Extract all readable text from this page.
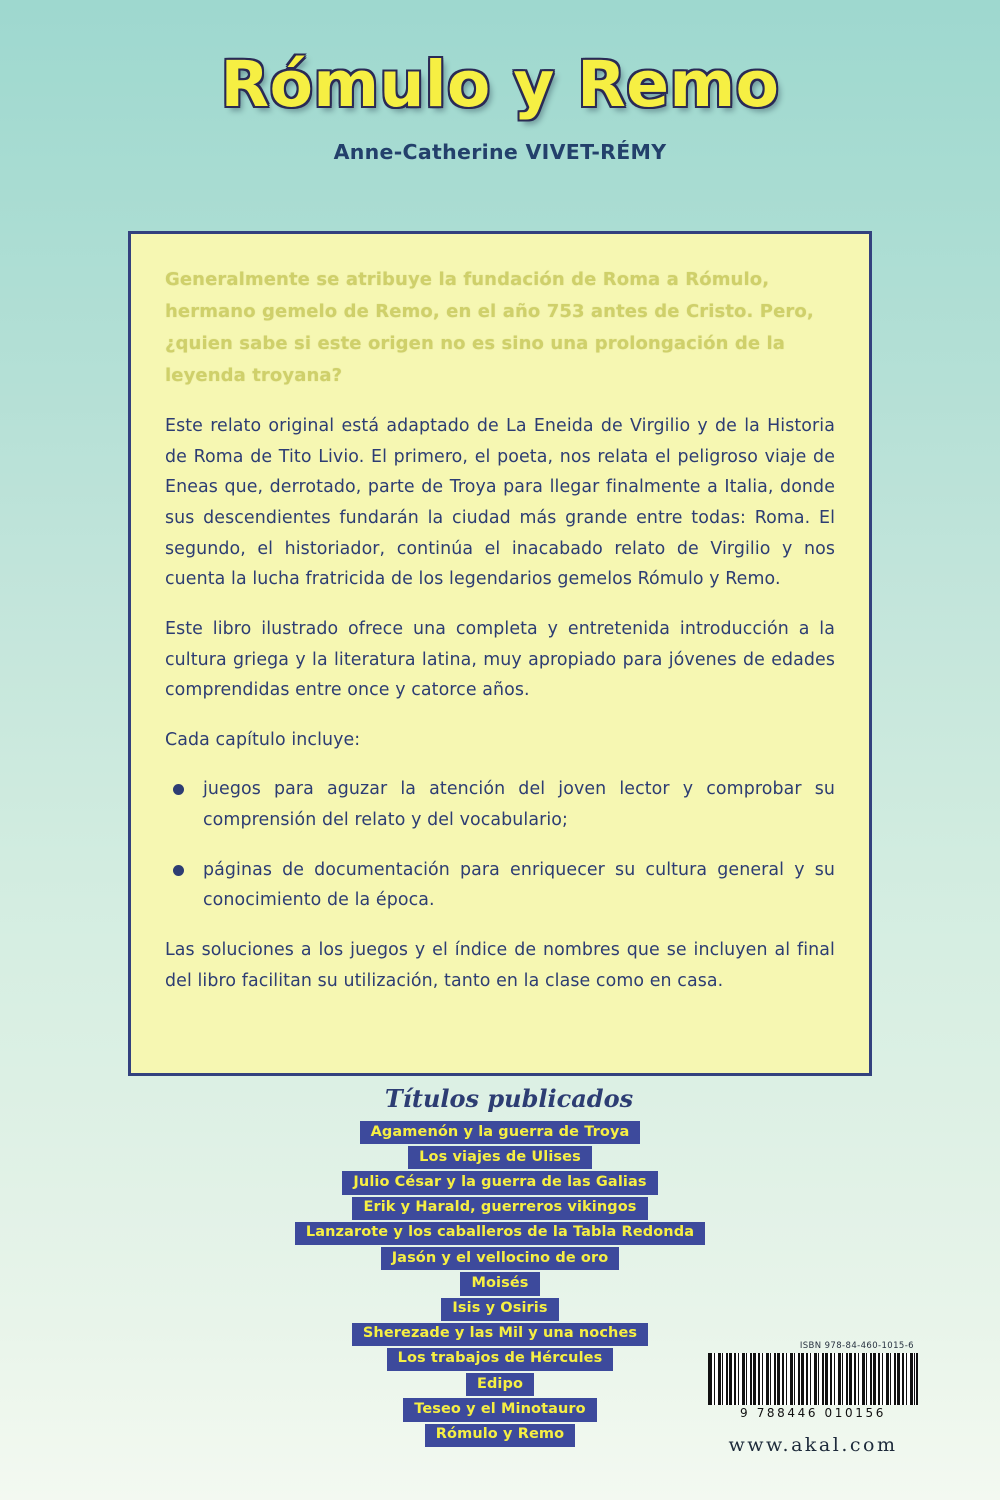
Rómulo y Remo
Anne-Catherine VIVET-RÉMY

Generalmente se atribuye la fundación de Roma a Rómulo, hermano gemelo de Remo, en el año 753 antes de Cristo. Pero, ¿quien sabe si este origen no es sino una prolongación de la leyenda troyana?

Este relato original está adaptado de La Eneida de Virgilio y de la Historia de Roma de Tito Livio. El primero, el poeta, nos relata el peligroso viaje de Eneas que, derrotado, parte de Troya para llegar finalmente a Italia, donde sus descendientes fundarán la ciudad más grande entre todas: Roma. El segundo, el historiador, continúa el inacabado relato de Virgilio y nos cuenta la lucha fratricida de los legendarios gemelos Rómulo y Remo.

Este libro ilustrado ofrece una completa y entretenida introducción a la cultura griega y la literatura latina, muy apropiado para jóvenes de edades comprendidas entre once y catorce años.

Cada capítulo incluye:

juegos para aguzar la atención del joven lector y comprobar su comprensión del relato y del vocabulario;

páginas de documentación para enriquecer su cultura general y su conocimiento de la época.

Las soluciones a los juegos y el índice de nombres que se incluyen al final del libro facilitan su utilización, tanto en la clase como en casa.

Títulos publicados
Agamenón y la guerra de Troya
Los viajes de Ulises
Julio César y la guerra de las Galias
Erik y Harald, guerreros vikingos
Lanzarote y los caballeros de la Tabla Redonda
Jasón y el vellocino de oro
Moisés
Isis y Osiris
Sherezade y las Mil y una noches
Los trabajos de Hércules
Edipo
Teseo y el Minotauro
Rómulo y Remo
ISBN 978-84-460-1015-6
9 788446 010156
www.akal.com
